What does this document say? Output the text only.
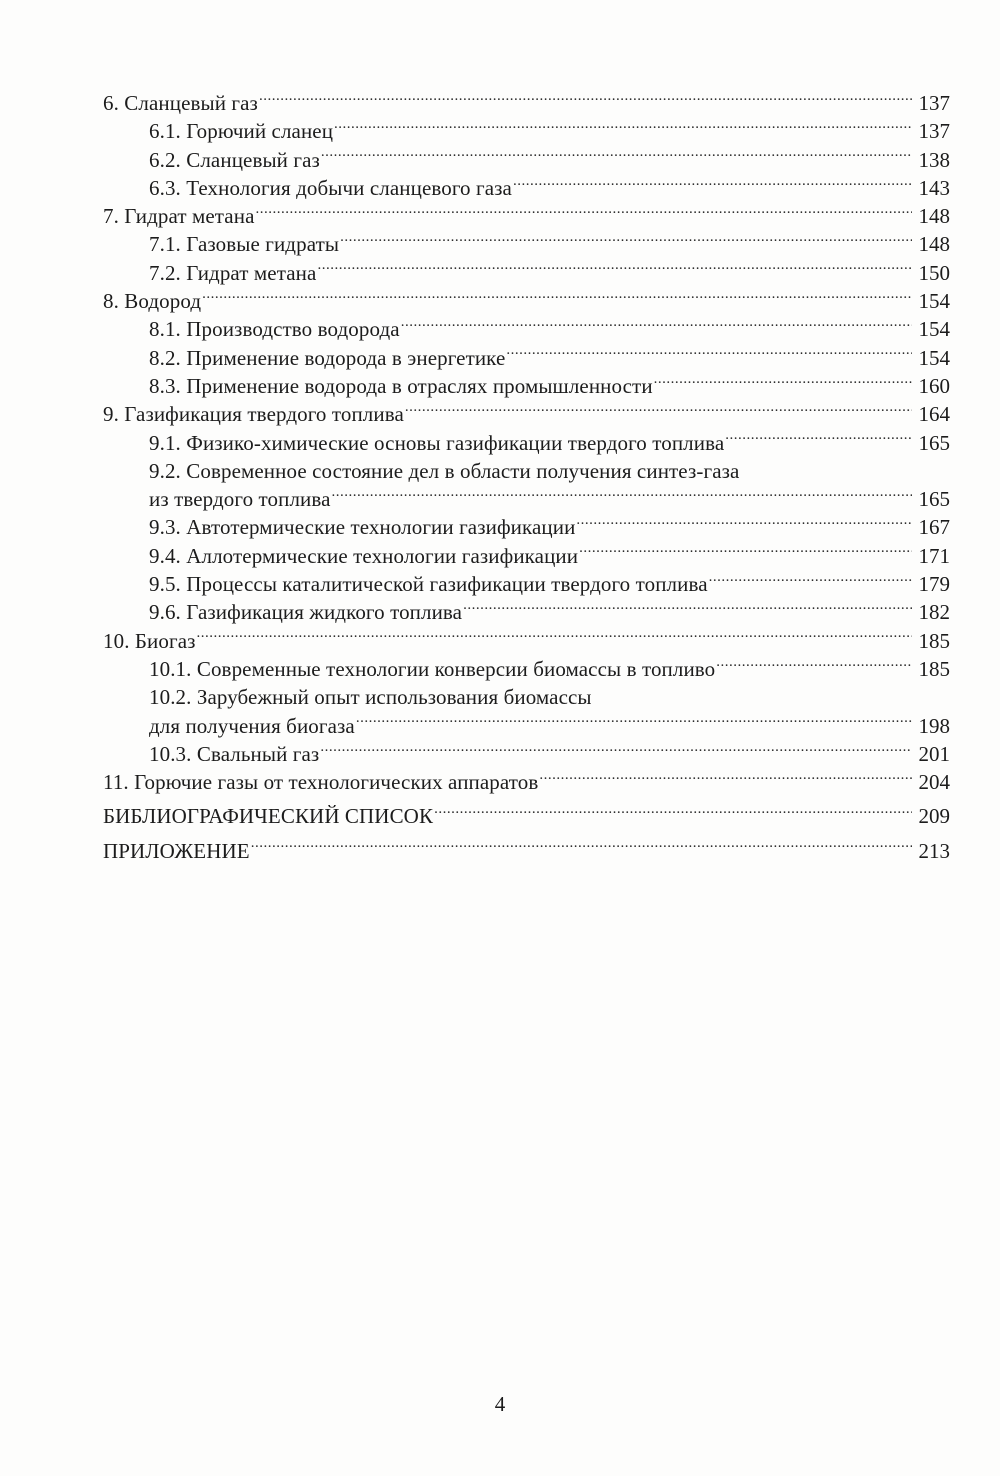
6. Сланцевый газ .....	137
6.1. Горючий сланец .....	137
6.2. Сланцевый газ .....	138
6.3. Технология добычи сланцевого газа .....	143
7. Гидрат метана .....	148
7.1. Газовые гидраты .....	148
7.2. Гидрат метана .....	150
8. Водород .....	154
8.1. Производство водорода .....	154
8.2. Применение водорода в энергетике .....	154
8.3. Применение водорода в отраслях промышленности .....	160
9. Газификация твердого топлива .....	164
9.1. Физико-химические основы газификации твердого топлива .....	165
9.2. Современное состояние дел в области получения синтез-газа
из твердого топлива .....	165
9.3. Автотермические технологии газификации .....	167
9.4. Аллотермические технологии газификации .....	171
9.5. Процессы каталитической газификации твердого топлива .....	179
9.6. Газификация жидкого топлива .....	182
10. Биогаз .....	185
10.1. Современные технологии конверсии биомассы в топливо .....	185
10.2. Зарубежный опыт использования биомассы
для получения биогаза .....	198
10.3. Свальный газ .....	201
11. Горючие газы от технологических аппаратов .....	204
БИБЛИОГРАФИЧЕСКИЙ СПИСОК .....	209
ПРИЛОЖЕНИЕ .....	213
4
